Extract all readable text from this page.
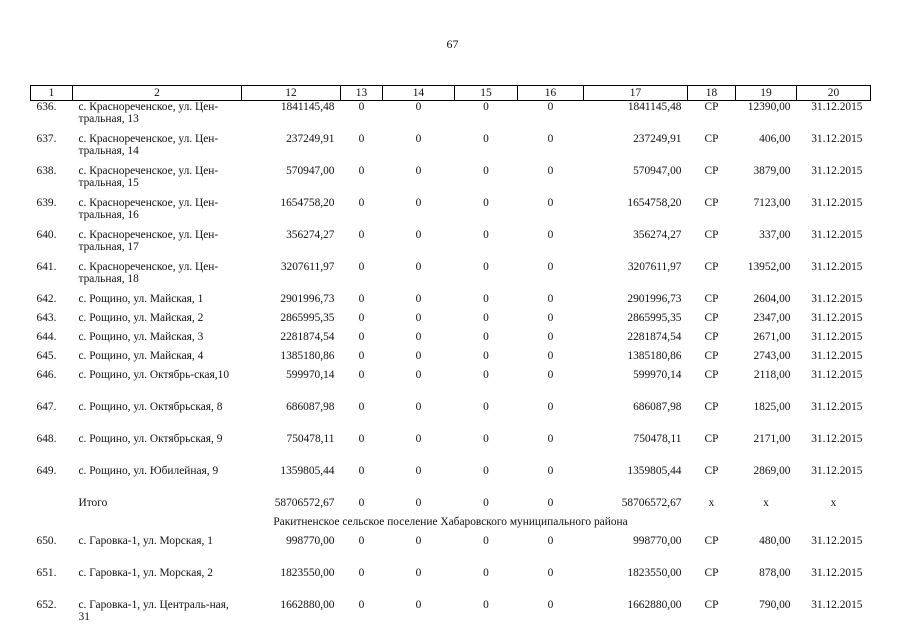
67
1	2	12	13	14	15	16	17	18	19	20
636.	с. Краснореченское, ул. Цен-тральная, 13	1841145,48	0	0	0	0	1841145,48	СР	12390,00	31.12.2015
637.	с. Краснореченское, ул. Цен-тральная, 14	237249,91	0	0	0	0	237249,91	СР	406,00	31.12.2015
638.	с. Краснореченское, ул. Цен-тральная, 15	570947,00	0	0	0	0	570947,00	СР	3879,00	31.12.2015
639.	с. Краснореченское, ул. Цен-тральная, 16	1654758,20	0	0	0	0	1654758,20	СР	7123,00	31.12.2015
640.	с. Краснореченское, ул. Цен-тральная, 17	356274,27	0	0	0	0	356274,27	СР	337,00	31.12.2015
641.	с. Краснореченское, ул. Цен-тральная, 18	3207611,97	0	0	0	0	3207611,97	СР	13952,00	31.12.2015
642.	с. Рощино, ул. Майская, 1	2901996,73	0	0	0	0	2901996,73	СР	2604,00	31.12.2015
643.	с. Рощино, ул. Майская, 2	2865995,35	0	0	0	0	2865995,35	СР	2347,00	31.12.2015
644.	с. Рощино, ул. Майская, 3	2281874,54	0	0	0	0	2281874,54	СР	2671,00	31.12.2015
645.	с. Рощино, ул. Майская, 4	1385180,86	0	0	0	0	1385180,86	СР	2743,00	31.12.2015
646.	с. Рощино, ул. Октябрь-ская,10	599970,14	0	0	0	0	599970,14	СР	2118,00	31.12.2015
647.	с. Рощино, ул. Октябрьская, 8	686087,98	0	0	0	0	686087,98	СР	1825,00	31.12.2015
648.	с. Рощино, ул. Октябрьская, 9	750478,11	0	0	0	0	750478,11	СР	2171,00	31.12.2015
649.	с. Рощино, ул. Юбилейная, 9	1359805,44	0	0	0	0	1359805,44	СР	2869,00	31.12.2015
	Итого	58706572,67	0	0	0	0	58706572,67	х	х	х
Ракитненское сельское поселение Хабаровского муниципального района										
650.	с. Гаровка-1, ул. Морская, 1	998770,00	0	0	0	0	998770,00	СР	480,00	31.12.2015
651.	с. Гаровка-1, ул. Морская, 2	1823550,00	0	0	0	0	1823550,00	СР	878,00	31.12.2015
652.	с. Гаровка-1, ул. Централь-ная, 31	1662880,00	0	0	0	0	1662880,00	СР	790,00	31.12.2015
